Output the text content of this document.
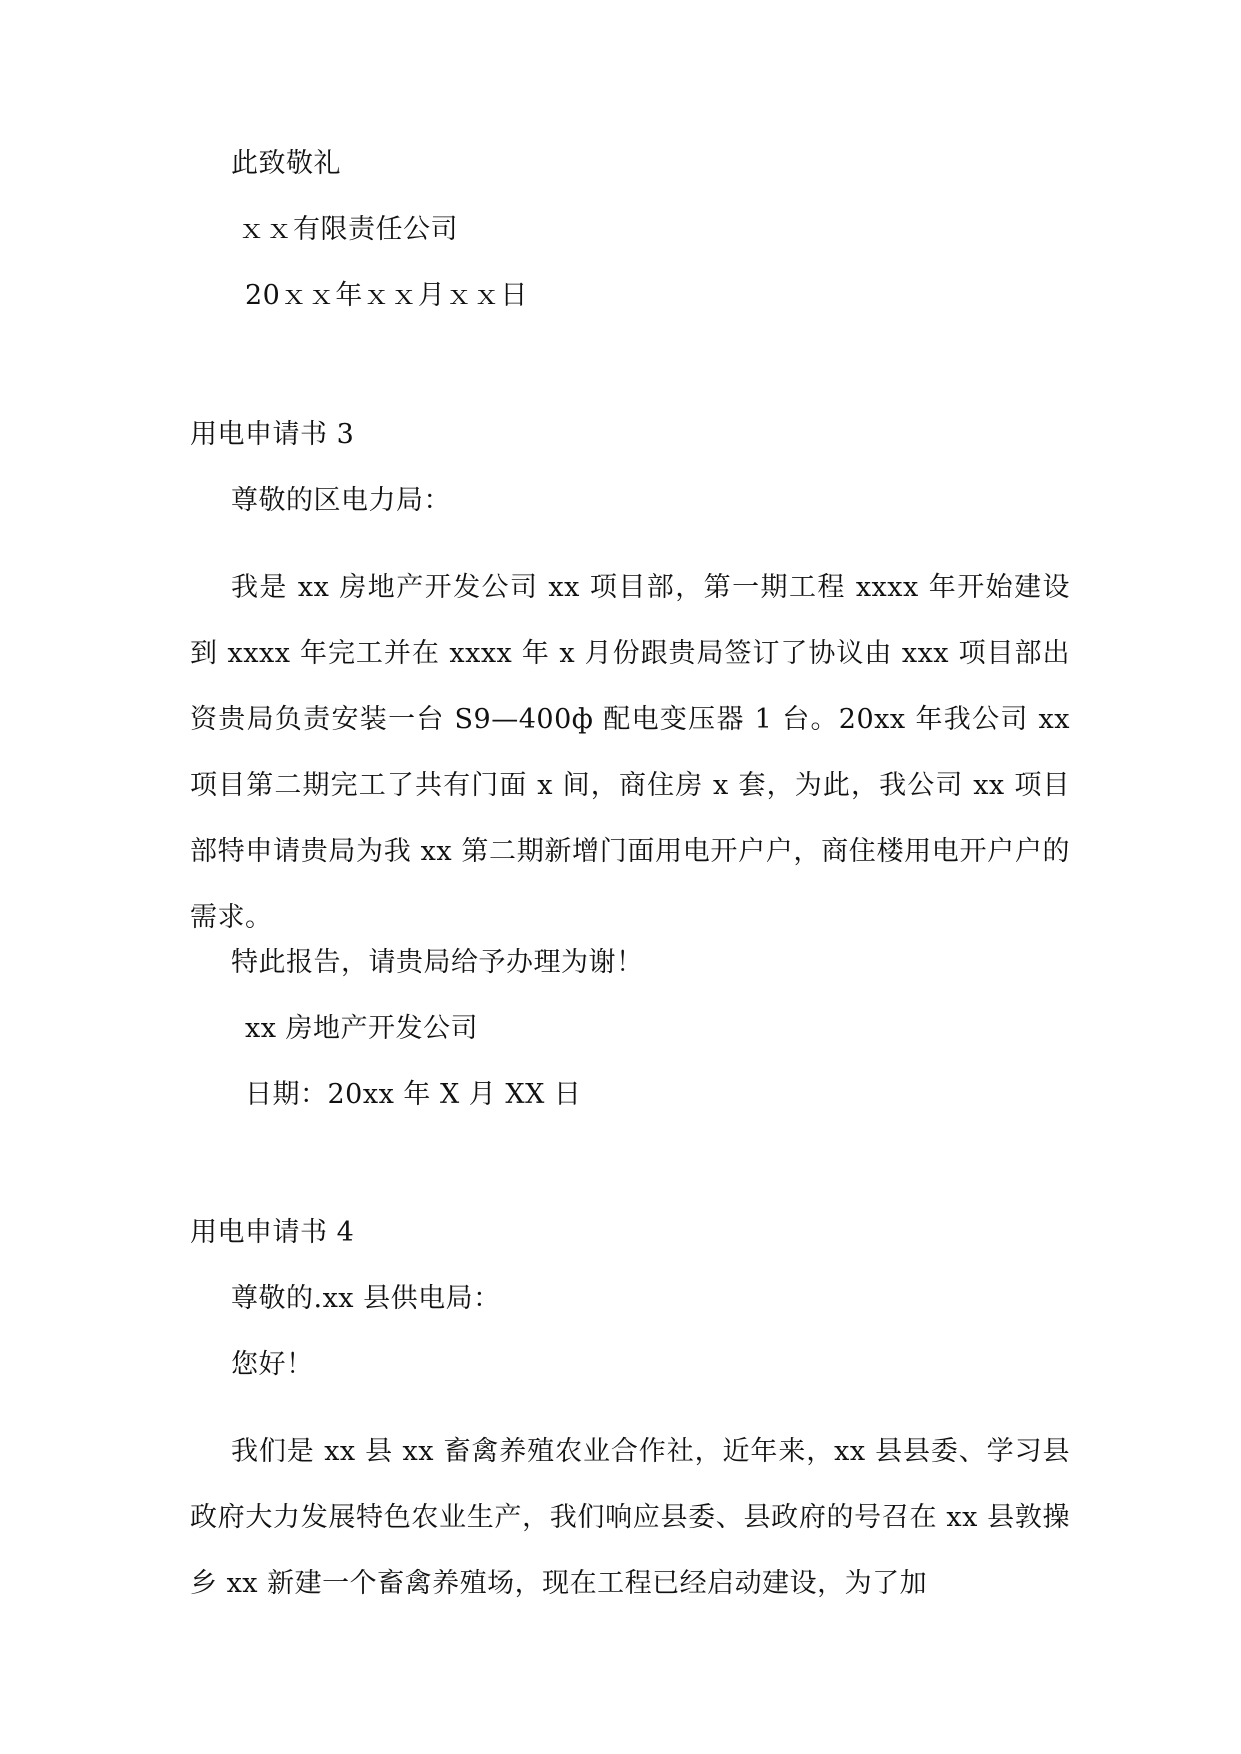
此致敬礼
ｘｘ有限责任公司
20ｘｘ年ｘｘ月ｘｘ日
用电申请书 3
尊敬的区电力局：
我是 xx 房地产开发公司 xx 项目部，第一期工程 xxxx 年开始建设到 xxxx 年完工并在 xxxx 年 x 月份跟贵局签订了协议由 xxx 项目部出资贵局负责安装一台 S9—400ф 配电变压器 1 台。20xx 年我公司 xx 项目第二期完工了共有门面 x 间，商住房 x 套，为此，我公司 xx 项目部特申请贵局为我 xx 第二期新增门面用电开户户，商住楼用电开户户的需求。
特此报告，请贵局给予办理为谢！
xx 房地产开发公司
日期：20xx 年 X 月 XX 日
用电申请书 4
尊敬的.xx 县供电局：
您好！
我们是 xx 县 xx 畜禽养殖农业合作社，近年来，xx 县县委、学习县政府大力发展特色农业生产，我们响应县委、县政府的号召在 xx 县敦操乡 xx 新建一个畜禽养殖场，现在工程已经启动建设，为了加
